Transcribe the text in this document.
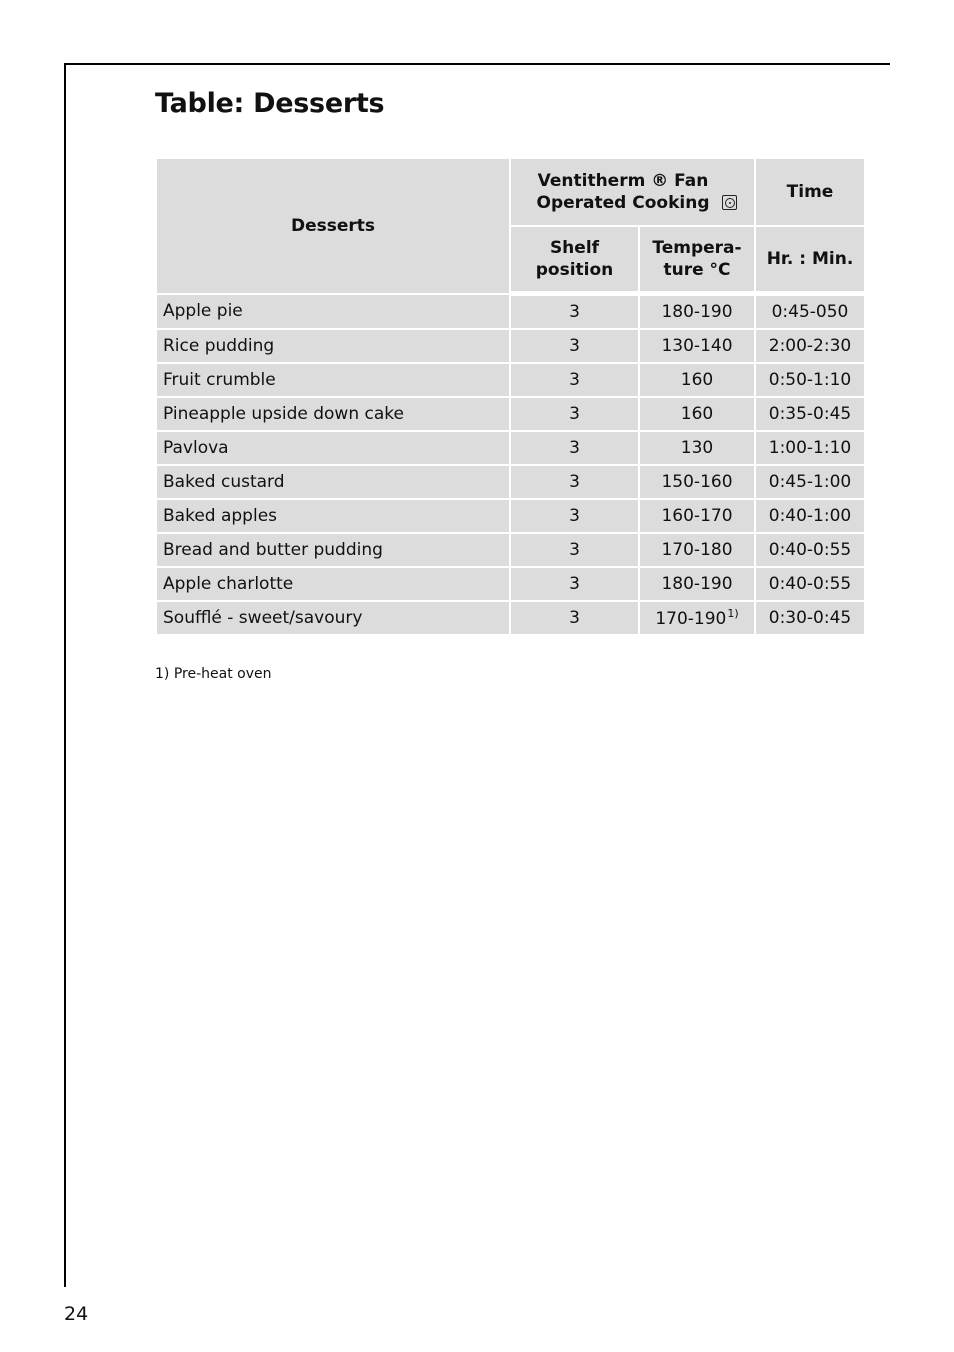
Table: Desserts
Desserts	Ventitherm ® Fan Operated Cooking		Time
	Shelf position	Tempera- ture °C	Hr. : Min.
Apple pie	3	180-190	0:45-050
Rice pudding	3	130-140	2:00-2:30
Fruit crumble	3	160	0:50-1:10
Pineapple upside down cake	3	160	0:35-0:45
Pavlova	3	130	1:00-1:10
Baked custard	3	150-160	0:45-1:00
Baked apples	3	160-170	0:40-1:00
Bread and butter pudding	3	170-180	0:40-0:55
Apple charlotte	3	180-190	0:40-0:55
Soufflé - sweet/savoury	3	170-190$^{1)}$	0:30-0:45
1) Pre-heat oven
24
